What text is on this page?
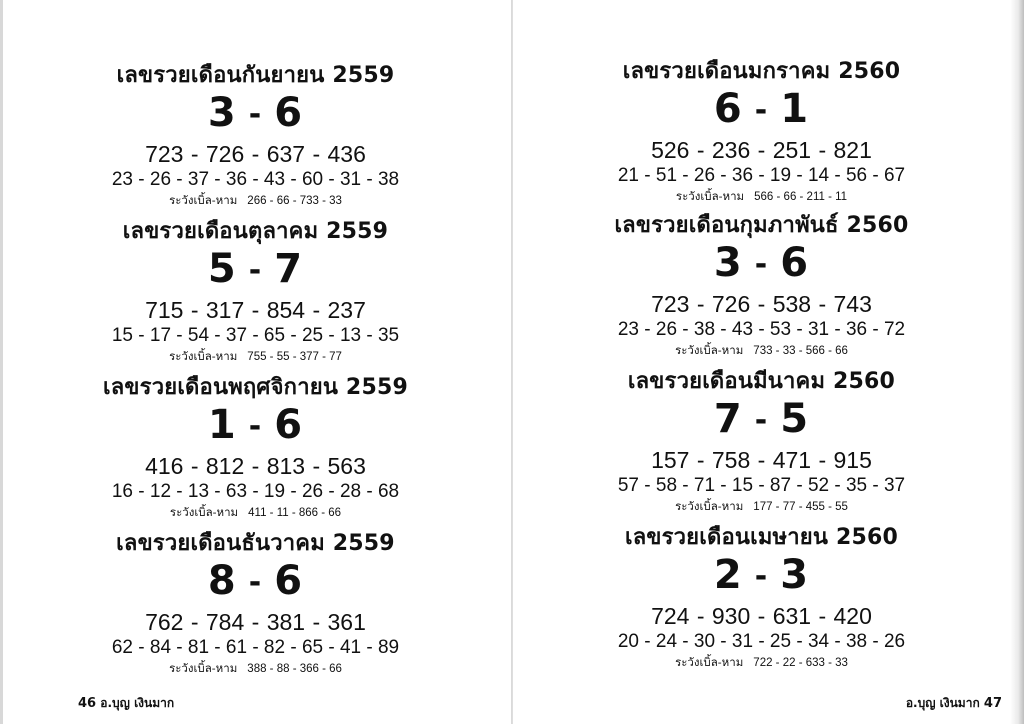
เลขรวยเดือนกันยายน 2559
3 - 6
723 - 726 - 637 - 436
23 - 26 - 37 - 36 - 43 - 60 - 31 - 38
ระวังเบิ้ล-หาม 266 - 66 - 733 - 33
เลขรวยเดือนตุลาคม 2559
5 - 7
715 - 317 - 854 - 237
15 - 17 - 54 - 37 - 65 - 25 - 13 - 35
ระวังเบิ้ล-หาม 755 - 55 - 377 - 77
เลขรวยเดือนพฤศจิกายน 2559
1 - 6
416 - 812 - 813 - 563
16 - 12 - 13 - 63 - 19 - 26 - 28 - 68
ระวังเบิ้ล-หาม 411 - 11 - 866 - 66
เลขรวยเดือนธันวาคม 2559
8 - 6
762 - 784 - 381 - 361
62 - 84 - 81 - 61 - 82 - 65 - 41 - 89
ระวังเบิ้ล-หาม 388 - 88 - 366 - 66
46 อ.บุญ เงินมาก
เลขรวยเดือนมกราคม 2560
6 - 1
526 - 236 - 251 - 821
21 - 51 - 26 - 36 - 19 - 14 - 56 - 67
ระวังเบิ้ล-หาม 566 - 66 - 211 - 11
เลขรวยเดือนกุมภาพันธ์ 2560
3 - 6
723 - 726 - 538 - 743
23 - 26 - 38 - 43 - 53 - 31 - 36 - 72
ระวังเบิ้ล-หาม 733 - 33 - 566 - 66
เลขรวยเดือนมีนาคม 2560
7 - 5
157 - 758 - 471 - 915
57 - 58 - 71 - 15 - 87 - 52 - 35 - 37
ระวังเบิ้ล-หาม 177 - 77 - 455 - 55
เลขรวยเดือนเมษายน 2560
2 - 3
724 - 930 - 631 - 420
20 - 24 - 30 - 31 - 25 - 34 - 38 - 26
ระวังเบิ้ล-หาม 722 - 22 - 633 - 33
อ.บุญ เงินมาก 47
